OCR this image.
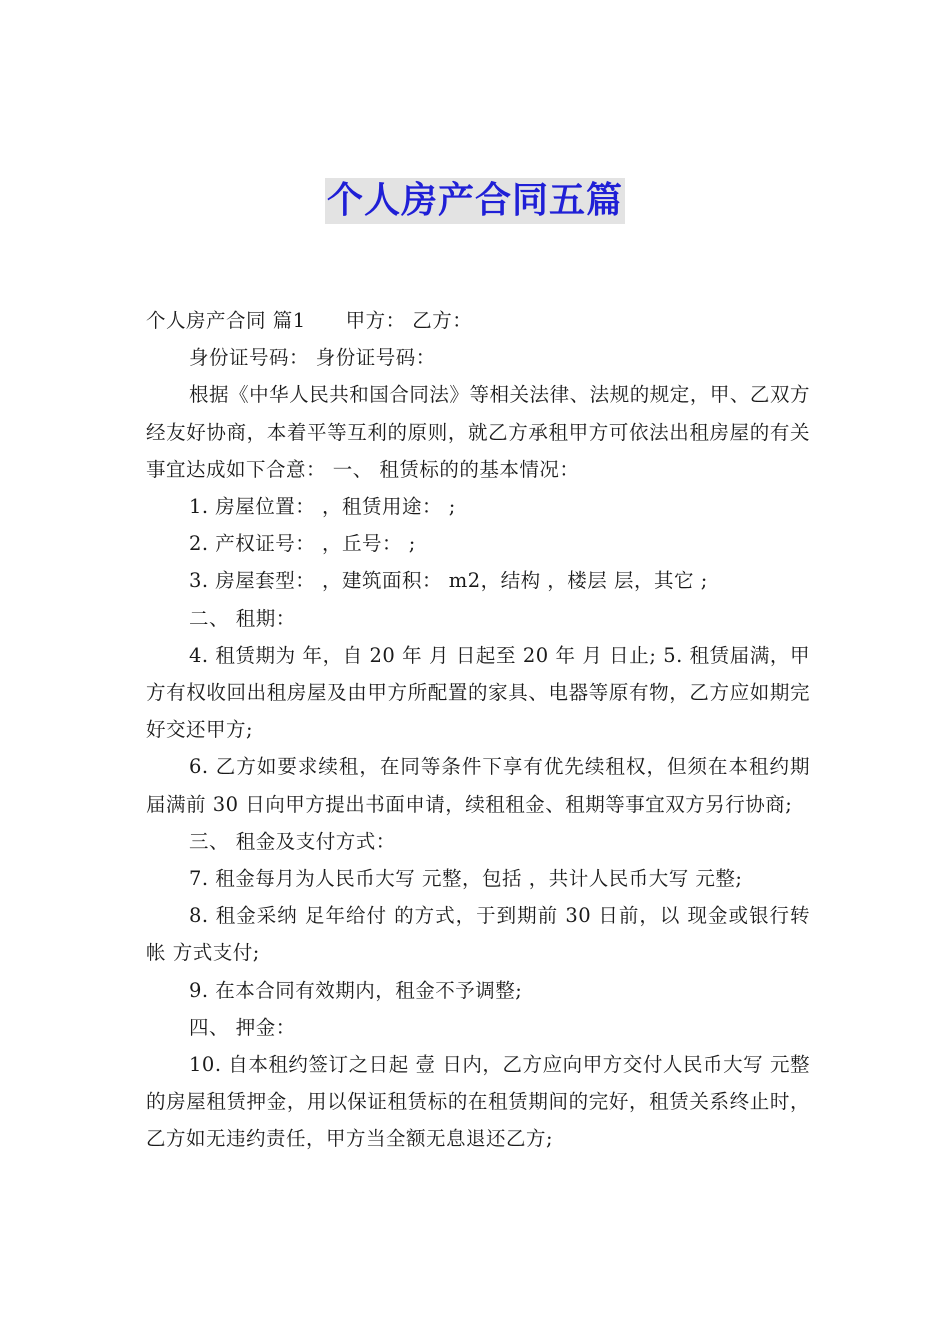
个人房产合同五篇

个人房产合同 篇1　　甲方： 乙方：

身份证号码： 身份证号码：

根据《中华人民共和国合同法》等相关法律、法规的规定，甲、乙双方经友好协商，本着平等互利的原则，就乙方承租甲方可依法出租房屋的有关事宜达成如下合意： 一、 租赁标的的基本情况：

1. 房屋位置： ，租赁用途： ;

2. 产权证号： ，丘号： ;

3. 房屋套型： ，建筑面积： m2，结构 ，楼层 层，其它 ;

二、 租期：

4. 租赁期为 年，自 20 年 月 日起至 20 年 月 日止; 5. 租赁届满，甲方有权收回出租房屋及由甲方所配置的家具、电器等原有物，乙方应如期完好交还甲方;

6. 乙方如要求续租，在同等条件下享有优先续租权，但须在本租约期届满前 30 日向甲方提出书面申请，续租租金、租期等事宜双方另行协商;

三、 租金及支付方式：

7. 租金每月为人民币大写 元整，包括 ，共计人民币大写 元整;

8. 租金采纳 足年给付 的方式，于到期前 30 日前，以 现金或银行转帐 方式支付;

9. 在本合同有效期内，租金不予调整;

四、 押金：

10. 自本租约签订之日起 壹 日内，乙方应向甲方交付人民币大写 元整的房屋租赁押金，用以保证租赁标的在租赁期间的完好，租赁关系终止时，乙方如无违约责任，甲方当全额无息退还乙方;
